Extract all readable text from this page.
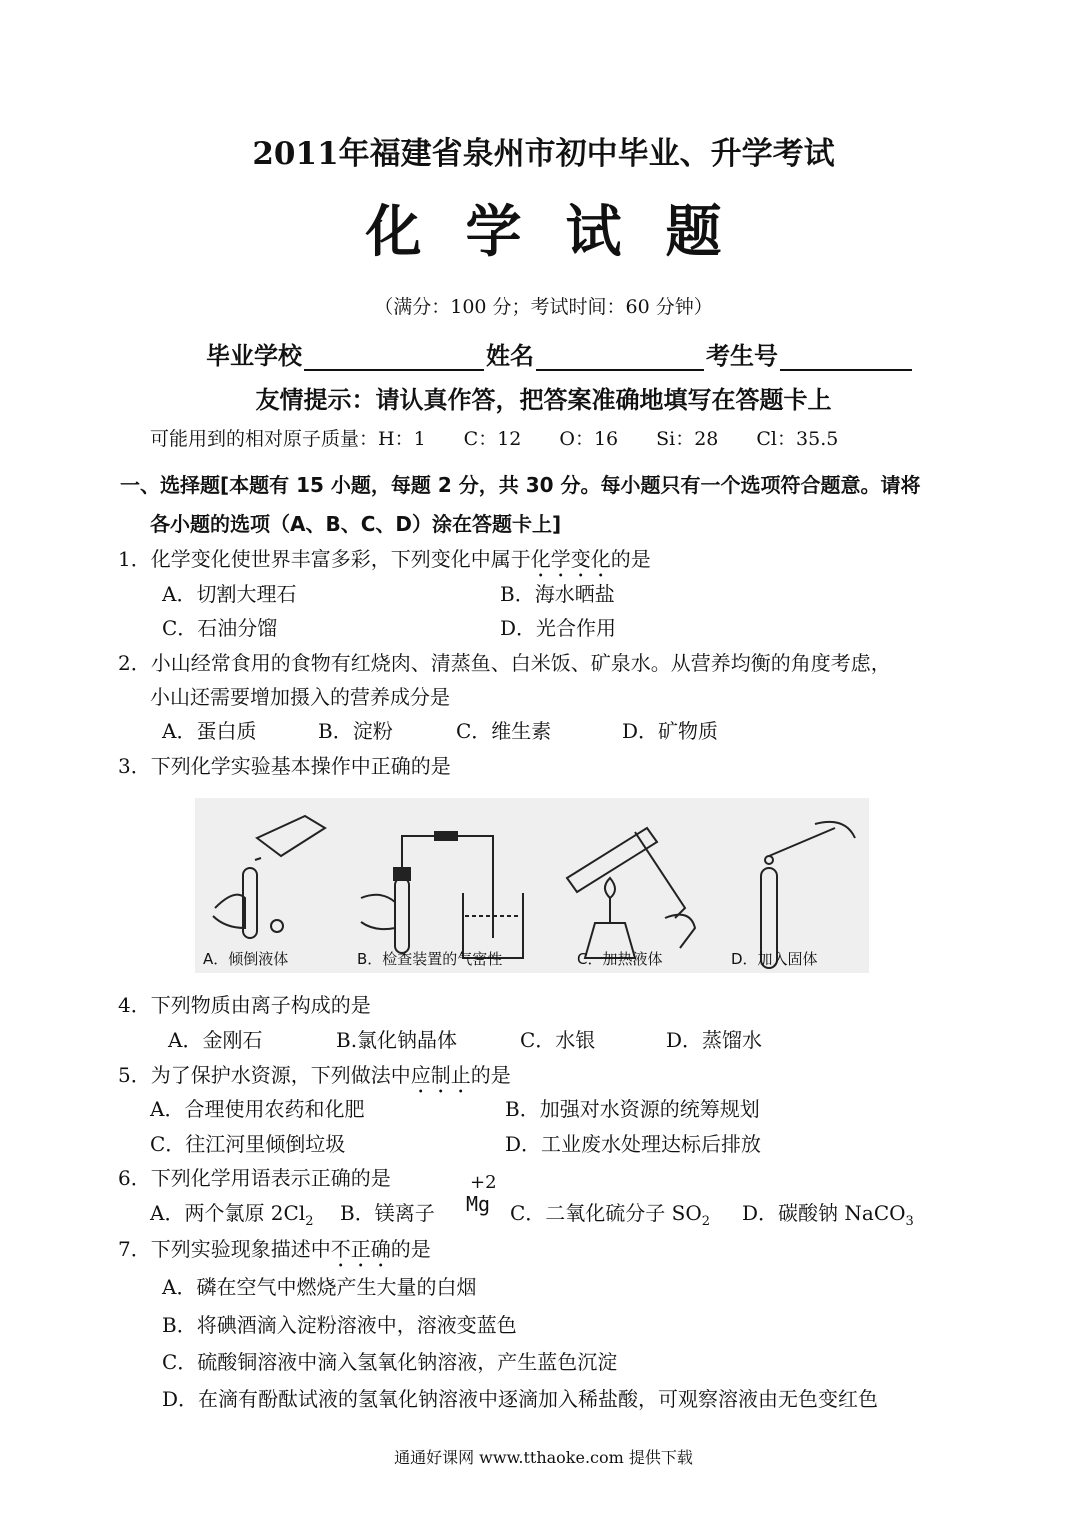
2011年福建省泉州市初中毕业、升学考试
化学试题
（满分：100 分；考试时间：60 分钟）
毕业学校	姓名	考生号
友情提示：请认真作答，把答案准确地填写在答题卡上
可能用到的相对原子质量：H：1　　C：12　　O：16　　Si：28　　Cl：35.5
一、选择题[本题有 15 小题，每题 2 分，共 30 分。每小题只有一个选项符合题意。请将
各小题的选项（A、B、C、D）涂在答题卡上]
1．化学变化使世界丰富多彩，下列变化中属于化学变化的是
A．切割大理石	B．海水晒盐
C．石油分馏	D．光合作用
2．小山经常食用的食物有红烧肉、清蒸鱼、白米饭、矿泉水。从营养均衡的角度考虑，
小山还需要增加摄入的营养成分是
A．蛋白质	B．淀粉	C．维生素	D．矿物质
3．下列化学实验基本操作中正确的是
A．倾倒液体	B．检查装置的气密性	C．加热液体	D．加入固体
4．下列物质由离子构成的是
A．金刚石	B.氯化钠晶体	C．水银	D．蒸馏水
5．为了保护水资源，下列做法中应制止的是
A．合理使用农药和化肥	B．加强对水资源的统筹规划
C．往江河里倾倒垃圾	D．工业废水处理达标后排放
6．下列化学用语表示正确的是
A．两个氯原 $2Cl_2$ B．镁离子
+2
Mg C．二氧化硫分子 $SO_2$ D．碳酸钠 NaCO$_3$
7．下列实验现象描述中不正确的是
A．磷在空气中燃烧产生大量的白烟
B．将碘酒滴入淀粉溶液中，溶液变蓝色
C．硫酸铜溶液中滴入氢氧化钠溶液，产生蓝色沉淀
D．在滴有酚酞试液的氢氧化钠溶液中逐滴加入稀盐酸，可观察溶液由无色变红色
通通好课网 www.tthaoke.com 提供下载
